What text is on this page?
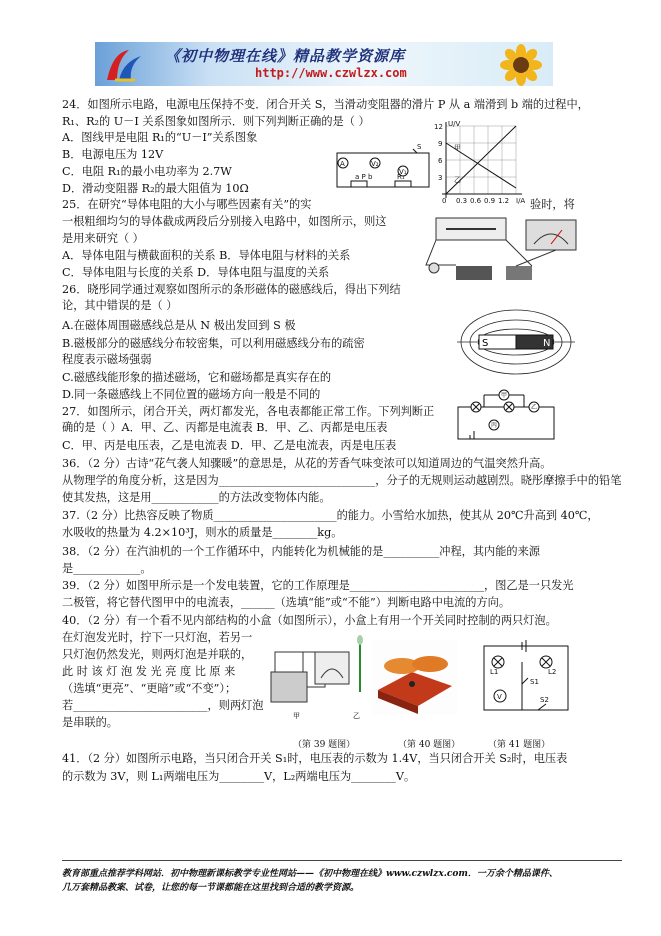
《初中物理在线》精品教学资源库
http://www.czwlzx.com
24．如图所示电路，电源电压保持不变．闭合开关 S，当滑动变阻器的滑片 P 从 a 端滑到 b 端的过程中，
R₁、R₂的 U－I 关系图象如图所示．则下列判断正确的是（ ）
A．图线甲是电阻 R₁的“U－I”关系图象
B．电源电压为 12V
C．电阻 R₁的最小电功率为 2.7W
D．滑动变阻器 R₂的最大阻值为 10Ω
25．在研究“导体电阻的大小与哪些因素有关”的实	验时，将
一根粗细均匀的导体截成两段后分别接入电路中，如图所示，则这
是用来研究（ ）
A．导体电阻与横截面积的关系 B．导体电阻与材料的关系
C．导体电阻与长度的关系 D．导体电阻与温度的关系
26．晓彤同学通过观察如图所示的条形磁体的磁感线后，得出下列结
论，其中错误的是（ ）
A.在磁体周围磁感线总是从 N 极出发回到 S 极
B.磁极部分的磁感线分布较密集，可以利用磁感线分布的疏密
程度表示磁场强弱
C.磁感线能形象的描述磁场，它和磁场都是真实存在的
D.同一条磁感线上不同位置的磁场方向一般是不同的
27．如图所示，闭合开关，两灯都发光，各电表都能正常工作。下列判断正
确的是（ ）A．甲、乙、丙都是电流表 B．甲、乙、丙都是电压表
C．甲、丙是电压表，乙是电流表 D．甲、乙是电流表，丙是电压表
36．（2 分）古诗“花气袭人知骤暖”的意思是，从花的芳香气味变浓可以知道周边的气温突然升高。
从物理学的角度分析，这是因为____________________________，分子的无规则运动越剧烈。晓彤摩擦手中的铅笔
使其发热，这是用____________的方法改变物体内能。
37.（2 分）比热容反映了物质______________________的能力。小雪给水加热，使其从 20℃升高到 40℃，
水吸收的热量为 4.2×10³J，则水的质量是________kg。
38．（2 分）在汽油机的一个工作循环中，内能转化为机械能的是__________冲程，其内能的来源
是____________。
39．（2 分）如图甲所示是一个发电装置，它的工作原理是________________________，图乙是一只发光
二极管，将它替代图甲中的电流表，______（选填“能”或“不能”）判断电路中电流的方向。
40．（2 分）有一个看不见内部结构的小盒（如图所示），小盒上有用一个开关同时控制的两只灯泡。
在灯泡发光时，拧下一只灯泡，若另一
只灯泡仍然发光，则两灯泡是并联的，
此 时 该 灯 泡 发 光 亮 度 比 原 来
（选填“更亮”、“更暗”或“不变”）；
若________________________，则两灯泡
是串联的。
41．（2 分）如图所示电路，当只闭合开关 S₁时，电压表的示数为 1.4V，当只闭合开关 S₂时，电压表
的示数为 3V，则 L₁两端电压为________V，L₂两端电压为________V。
A	V₂
V₁
a P b	R₁
S
U/V
I/A
12
9
6
3
0 0.3 0.6 0.9 1.2
甲
乙
S	N
甲
乙
丙
甲	乙
L1	L2
S1
V	S2
（第 39 题图）	（第 40 题图）	（第 41 题图）
教育部重点推荐学科网站．初中物理新课标教学专业性网站——《初中物理在线》www.czwlzx.com．一万余个精品课件、
几万套精品教案、试卷，让您的每一节课都能在这里找到合适的教学资源。
